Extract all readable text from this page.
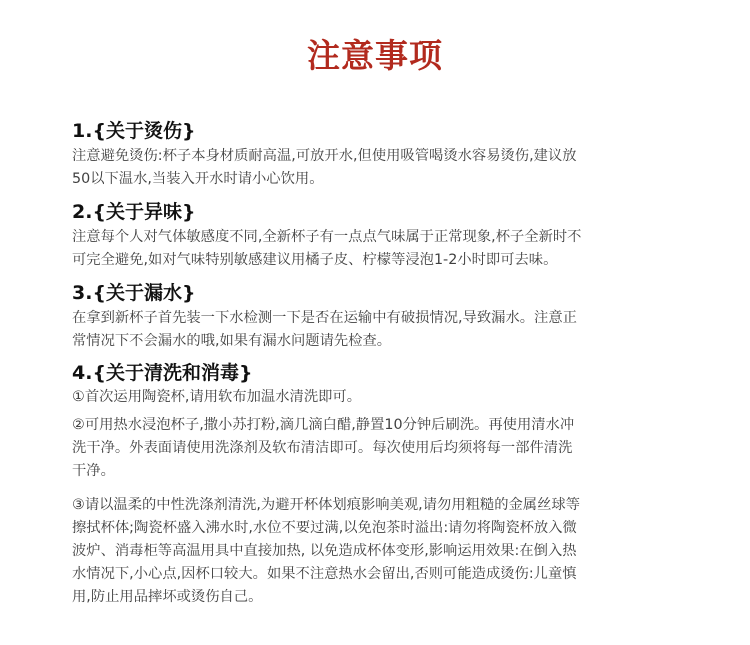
注意事项
1.{关于烫伤}

注意避免烫伤:杯子本身材质耐高温,可放开水,但使用吸管喝烫水容易烫伤,建议放
50以下温水,当装入开水时请小心饮用。

2.{关于异味}

注意每个人对气体敏感度不同,全新杯子有一点点气味属于正常现象,杯子全新时不
可完全避免,如对气味特别敏感建议用橘子皮、柠檬等浸泡1-2小时即可去味。

3.{关于漏水}

在拿到新杯子首先装一下水检测一下是否在运输中有破损情况,导致漏水。注意正
常情况下不会漏水的哦,如果有漏水问题请先检查。

4.{关于清洗和消毒}

①首次运用陶瓷杯,请用软布加温水清洗即可。

②可用热水浸泡杯子,撒小苏打粉,滴几滴白醋,静置10分钟后刷洗。再使用清水冲
洗干净。外表面请使用洗涤剂及软布清洁即可。每次使用后均须将每一部件清洗
干净。

③请以温柔的中性洗涤剂清洗,为避开杯体划痕影响美观,请勿用粗糙的金属丝球等
擦拭杯体;陶瓷杯盛入沸水时,水位不要过满,以免泡茶时溢出:请勿将陶瓷杯放入微
波炉、消毒柜等高温用具中直接加热, 以免造成杯体变形,影响运用效果:在倒入热
水情况下,小心点,因杯口较大。如果不注意热水会留出,否则可能造成烫伤:儿童慎
用,防止用品摔坏或烫伤自己。
